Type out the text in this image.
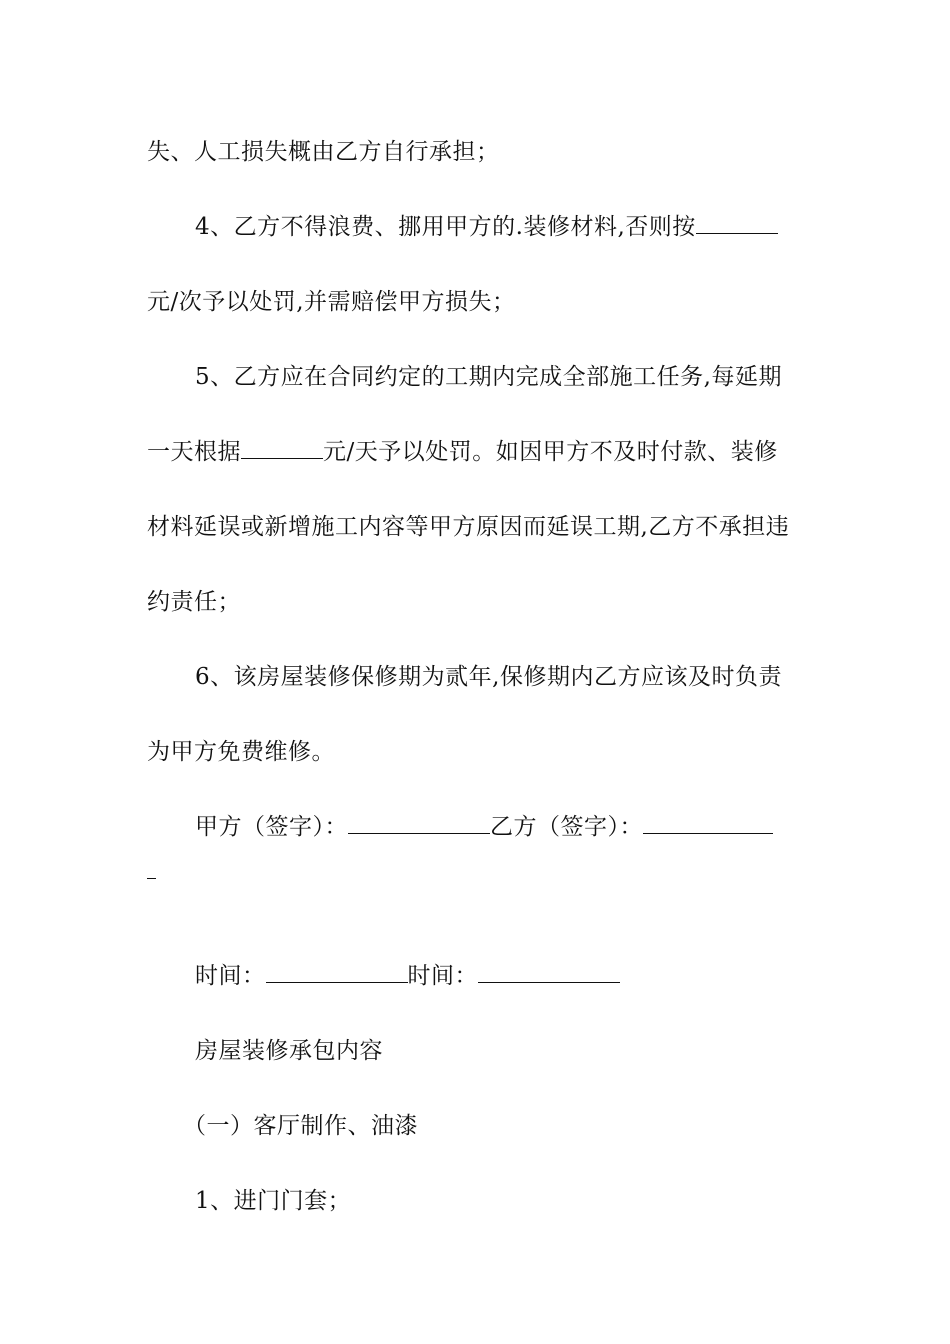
失、人工损失概由乙方自行承担；
4、乙方不得浪费、挪用甲方的.装修材料,否则按
元/次予以处罚,并需赔偿甲方损失；
5、乙方应在合同约定的工期内完成全部施工任务,每延期
一天根据	元/天予以处罚。如因甲方不及时付款、装修
材料延误或新增施工内容等甲方原因而延误工期,乙方不承担违
约责任；
6、该房屋装修保修期为贰年,保修期内乙方应该及时负责
为甲方免费维修。
甲方（签字）：	乙方（签字）：
时间：	时间：
房屋装修承包内容
（一）客厅制作、油漆
1、进门门套；
